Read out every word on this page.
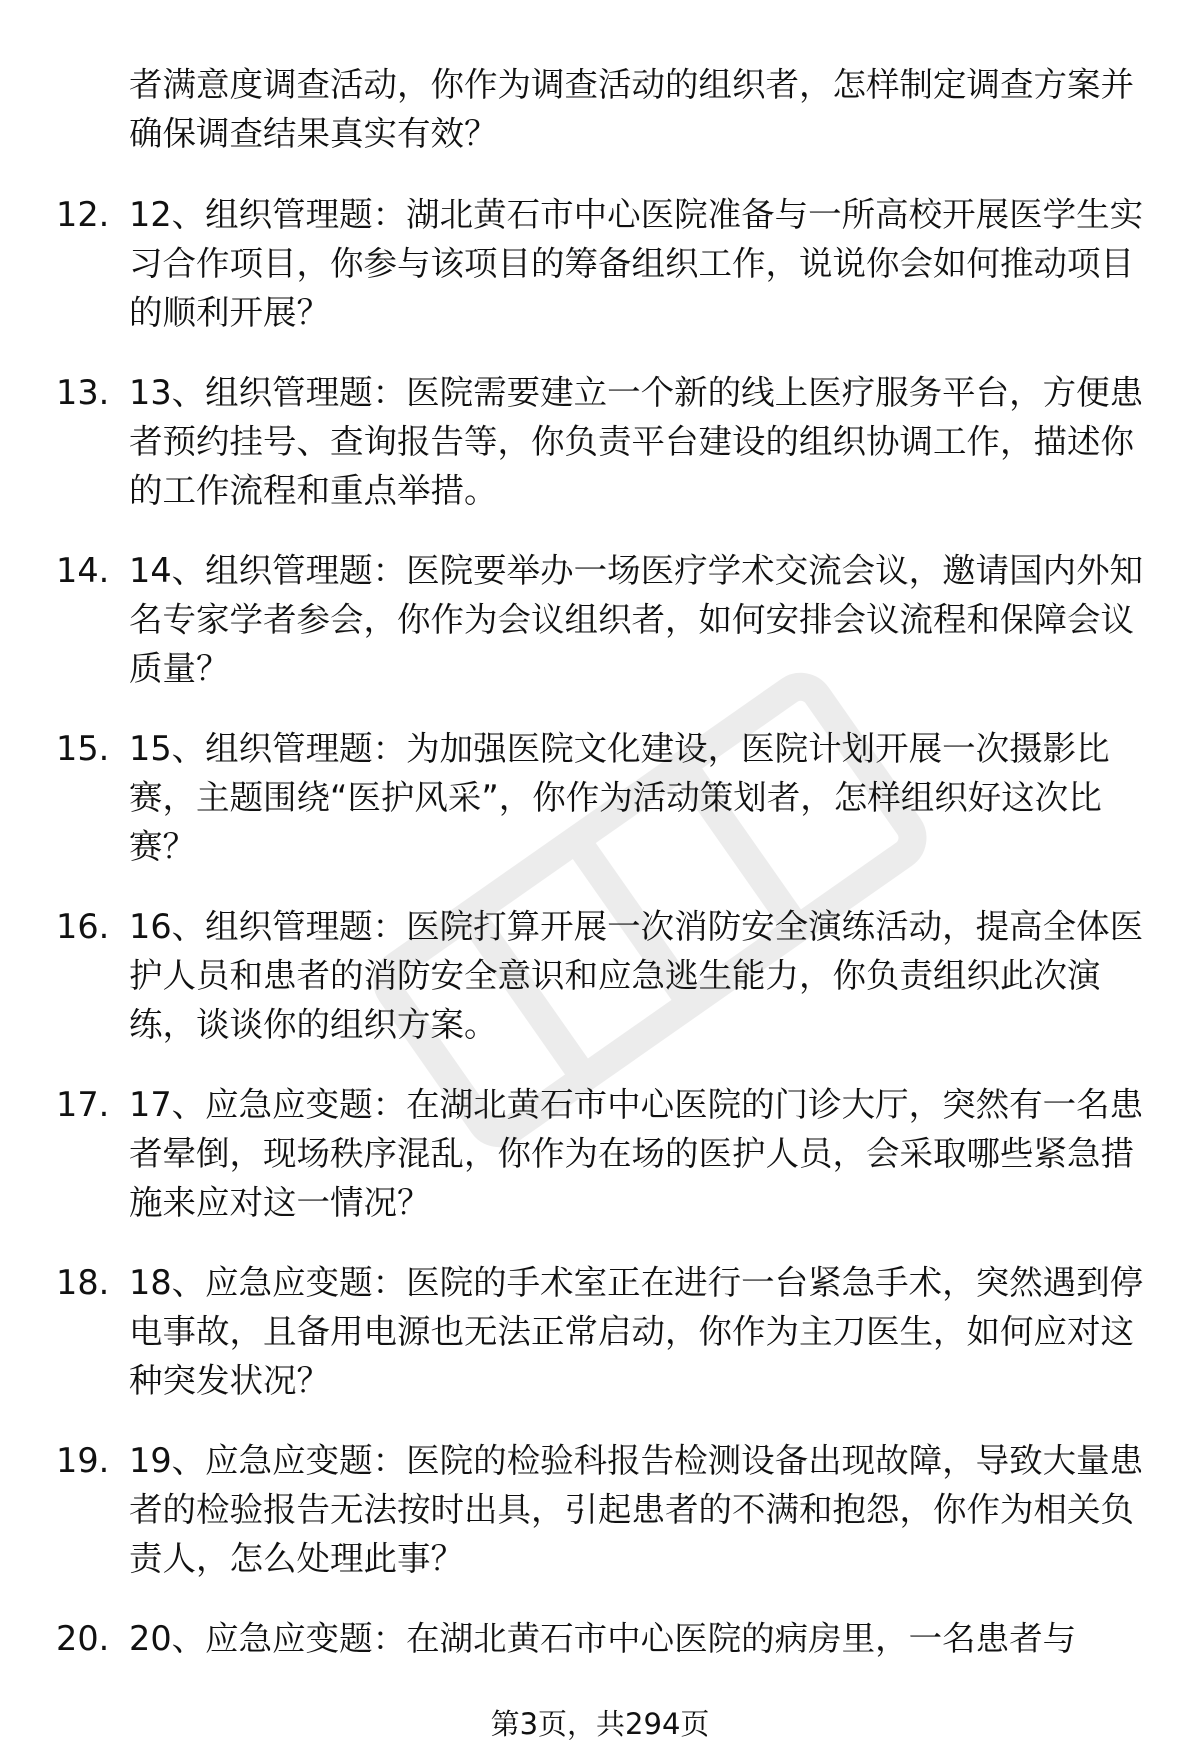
者满意度调查活动，你作为调查活动的组织者，怎样制定调查方案并确保调查结果真实有效？
12. 12、组织管理题：湖北黄石市中心医院准备与一所高校开展医学生实习合作项目，你参与该项目的筹备组织工作，说说你会如何推动项目的顺利开展？
13. 13、组织管理题：医院需要建立一个新的线上医疗服务平台，方便患者预约挂号、查询报告等，你负责平台建设的组织协调工作，描述你的工作流程和重点举措。
14. 14、组织管理题：医院要举办一场医疗学术交流会议，邀请国内外知名专家学者参会，你作为会议组织者，如何安排会议流程和保障会议质量？
15. 15、组织管理题：为加强医院文化建设，医院计划开展一次摄影比赛，主题围绕“医护风采”，你作为活动策划者，怎样组织好这次比赛？
16. 16、组织管理题：医院打算开展一次消防安全演练活动，提高全体医护人员和患者的消防安全意识和应急逃生能力，你负责组织此次演练，谈谈你的组织方案。
17. 17、应急应变题：在湖北黄石市中心医院的门诊大厅，突然有一名患者晕倒，现场秩序混乱，你作为在场的医护人员，会采取哪些紧急措施来应对这一情况？
18. 18、应急应变题：医院的手术室正在进行一台紧急手术，突然遇到停电事故，且备用电源也无法正常启动，你作为主刀医生，如何应对这种突发状况？
19. 19、应急应变题：医院的检验科报告检测设备出现故障，导致大量患者的检验报告无法按时出具，引起患者的不满和抱怨，你作为相关负责人，怎么处理此事？
20. 20、应急应变题：在湖北黄石市中心医院的病房里，一名患者与
第3页，共294页
